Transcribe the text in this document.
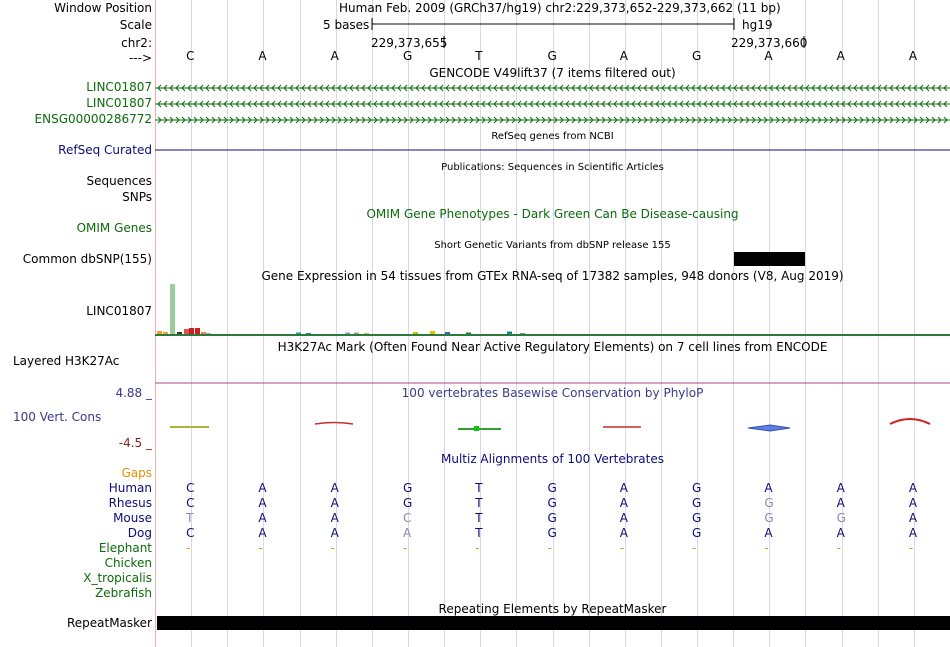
Window Position	Human Feb. 2009 (GRCh37/hg19) chr2:229,373,652-229,373,662 (11 bp)
Scale	5 bases	hg19
chr2:	229,373,655	229,373,660
--->	C	A	A	G	T	G	A	G	A	A	A
GENCODE V49lift37 (7 items filtered out)
LINC01807
LINC01807
ENSG00000286772
RefSeq genes from NCBI
RefSeq Curated
Publications: Sequences in Scientific Articles
Sequences
SNPs
OMIM Gene Phenotypes - Dark Green Can Be Disease-causing
OMIM Genes
Short Genetic Variants from dbSNP release 155
Common dbSNP(155)
Gene Expression in 54 tissues from GTEx RNA-seq of 17382 samples, 948 donors (V8, Aug 2019)
LINC01807
H3K27Ac Mark (Often Found Near Active Regulatory Elements) on 7 cell lines from ENCODE
Layered H3K27Ac
100 vertebrates Basewise Conservation by PhyloP
4.88 _
100 Vert. Cons
-4.5 _
Multiz Alignments of 100 Vertebrates
Gaps
Human	C	A	A	G	T	G	A	G	A	A	A
Rhesus	C	A	A	G	T	G	A	G	G	A	A
Mouse	T	A	A	C	T	G	A	G	G	G	A
Dog	C	A	A	A	T	G	A	G	A	A	A
Elephant	-	-	-	-	-	-	-	-	-	-	-
Chicken
X_tropicalis
Zebrafish
Repeating Elements by RepeatMasker
RepeatMasker
